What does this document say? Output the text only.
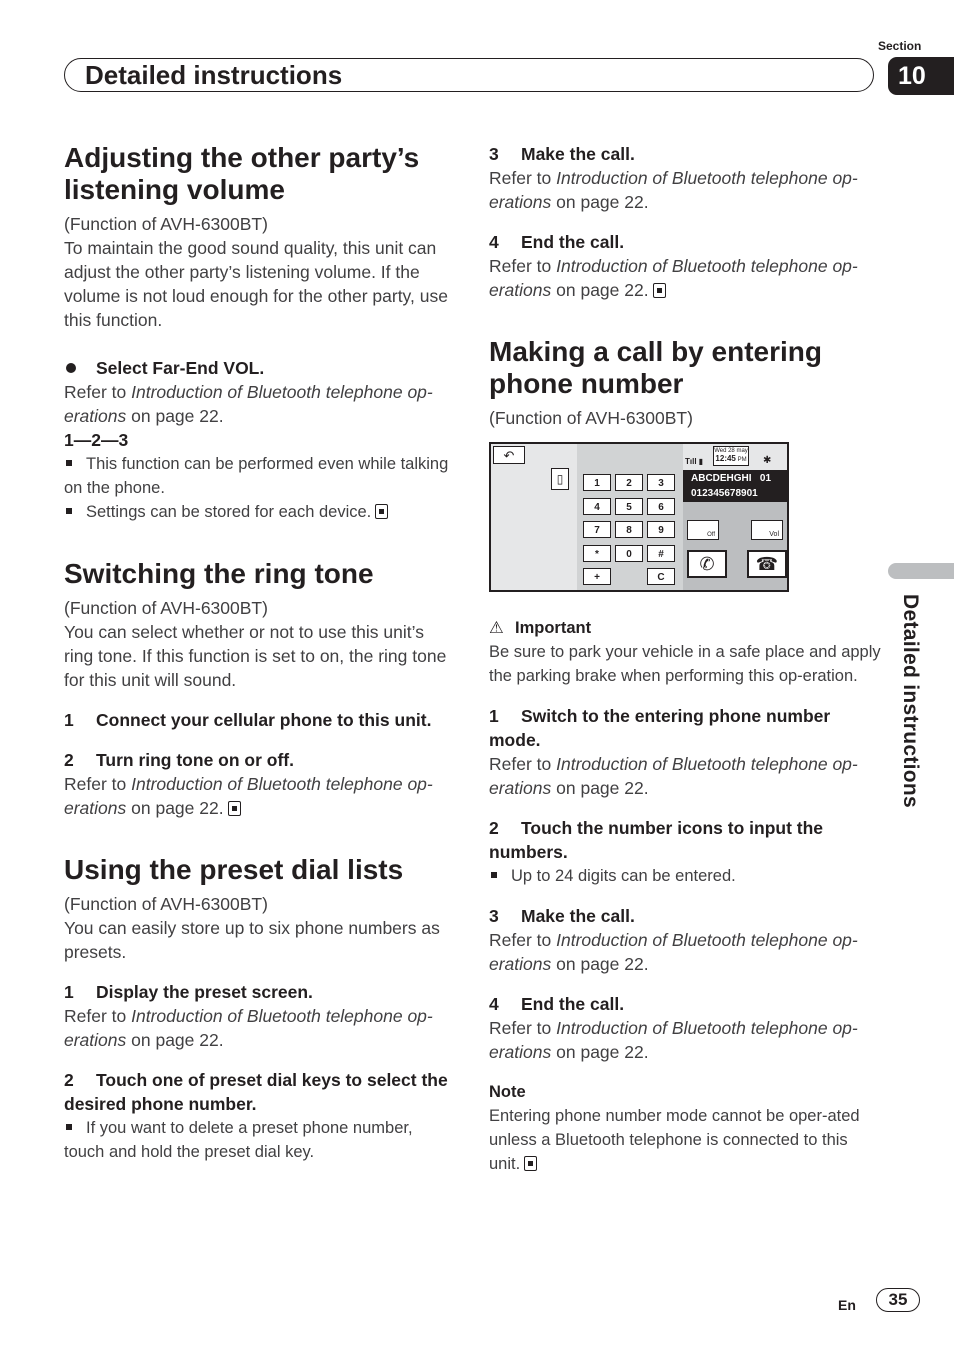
Section
10
Detailed instructions
Detailed instructions
Adjusting the other party’s listening volume

(Function of AVH-6300BT)

To maintain the good sound quality, this unit can adjust the other party’s listening volume. If the volume is not loud enough for the other party, use this function.

Select Far-End VOL.

Refer to Introduction of Bluetooth telephone op-erations on page 22.

1—2—3

This function can be performed even while talking on the phone.

Settings can be stored for each device.

Switching the ring tone

(Function of AVH-6300BT)

You can select whether or not to use this unit’s ring tone. If this function is set to on, the ring tone for this unit will sound.

1 Connect your cellular phone to this unit.

2 Turn ring tone on or off.

Refer to Introduction of Bluetooth telephone op-erations on page 22.

Using the preset dial lists

(Function of AVH-6300BT)

You can easily store up to six phone numbers as presets.

1 Display the preset screen.

Refer to Introduction of Bluetooth telephone op-erations on page 22.

2 Touch one of preset dial keys to select the desired phone number.

If you want to delete a preset phone number, touch and hold the preset dial key.

3 Make the call.

Refer to Introduction of Bluetooth telephone op-erations on page 22.

4 End the call.

Refer to Introduction of Bluetooth telephone op-erations on page 22.

Making a call by entering phone number

(Function of AVH-6300BT)

↶
▯	1	2	3
4	5	6
7	8	9
*	0	#
+	C
Tıll ▮
Wed 28 may
12:45 PM ✱
ABCDEHGHI 01
012345678901
Off	Vol
✆	☎

⚠ Important

Be sure to park your vehicle in a safe place and apply the parking brake when performing this op-eration.

1 Switch to the entering phone number mode.

Refer to Introduction of Bluetooth telephone op-erations on page 22.

2 Touch the number icons to input the numbers.

Up to 24 digits can be entered.

3 Make the call.

Refer to Introduction of Bluetooth telephone op-erations on page 22.

4 End the call.

Refer to Introduction of Bluetooth telephone op-erations on page 22.

Note

Entering phone number mode cannot be oper-ated unless a Bluetooth telephone is connected to this unit.

En	35
